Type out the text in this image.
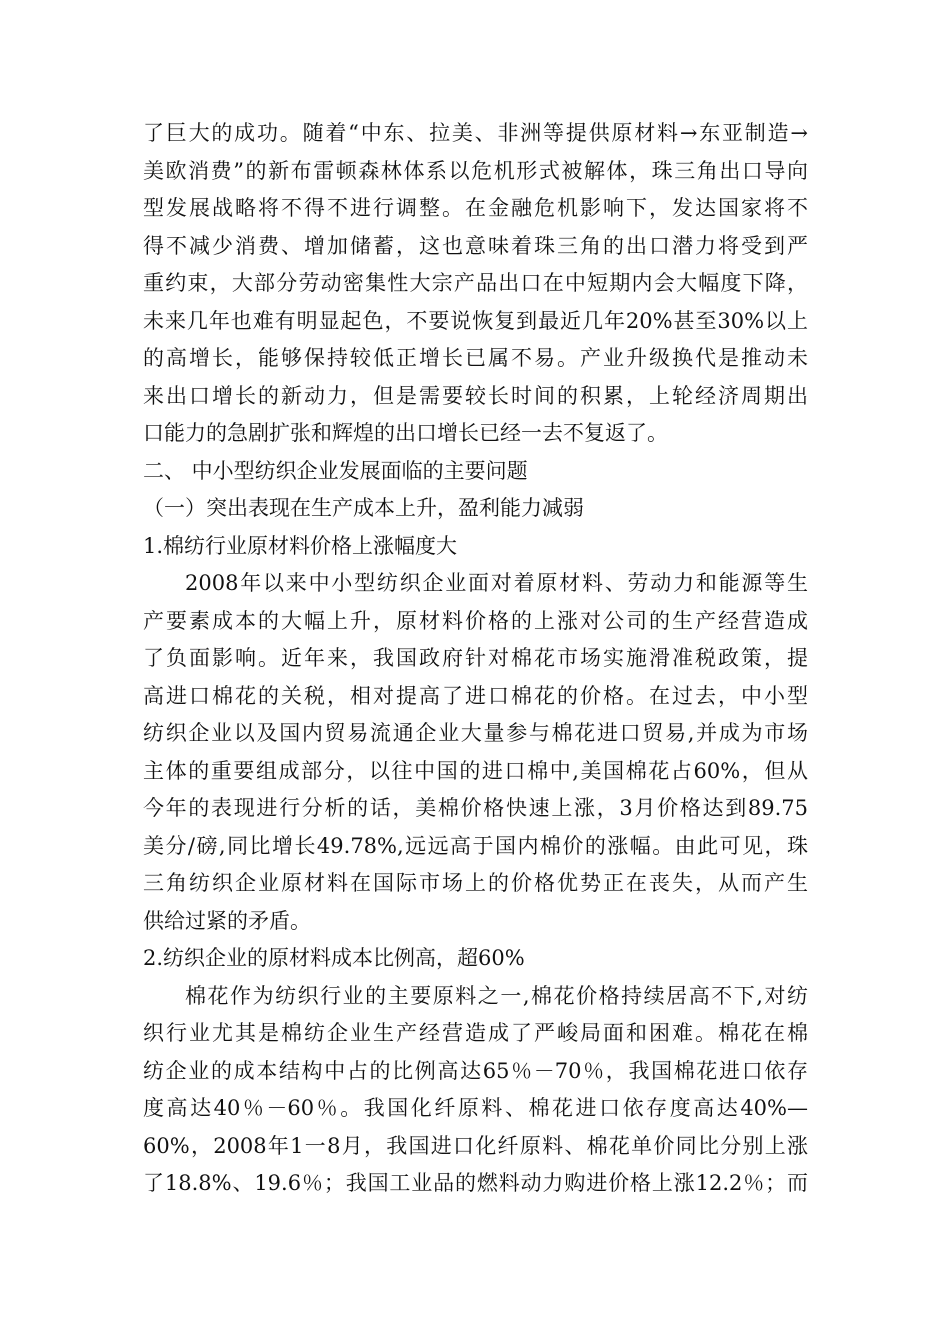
了巨大的成功。随着“中东、拉美、非洲等提供原材料→东亚制造→
美欧消费”的新布雷顿森林体系以危机形式被解体，珠三角出口导向
型发展战略将不得不进行调整。在金融危机影响下，发达国家将不
得不减少消费、增加储蓄，这也意味着珠三角的出口潜力将受到严
重约束，大部分劳动密集性大宗产品出口在中短期内会大幅度下降，
未来几年也难有明显起色，不要说恢复到最近几年20%甚至30%以上
的高增长，能够保持较低正增长已属不易。产业升级换代是推动未
来出口增长的新动力，但是需要较长时间的积累，上轮经济周期出
口能力的急剧扩张和辉煌的出口增长已经一去不复返了。
二、 中小型纺织企业发展面临的主要问题
（一）突出表现在生产成本上升，盈利能力减弱
1.棉纺行业原材料价格上涨幅度大
2008年以来中小型纺织企业面对着原材料、劳动力和能源等生
产要素成本的大幅上升，原材料价格的上涨对公司的生产经营造成
了负面影响。近年来，我国政府针对棉花市场实施滑准税政策，提
高进口棉花的关税，相对提高了进口棉花的价格。在过去，中小型
纺织企业以及国内贸易流通企业大量参与棉花进口贸易,并成为市场
主体的重要组成部分，以往中国的进口棉中,美国棉花占60%，但从
今年的表现进行分析的话，美棉价格快速上涨，3月价格达到89.75
美分/磅,同比增长49.78%,远远高于国内棉价的涨幅。由此可见，珠
三角纺织企业原材料在国际市场上的价格优势正在丧失，从而产生
供给过紧的矛盾。
2.纺织企业的原材料成本比例高，超60%
棉花作为纺织行业的主要原料之一,棉花价格持续居高不下,对纺
织行业尤其是棉纺企业生产经营造成了严峻局面和困难。棉花在棉
纺企业的成本结构中占的比例高达65％－70％，我国棉花进口依存
度高达40％－60％。我国化纤原料、棉花进口依存度高达40%—
60%，2008年1一8月，我国进口化纤原料、棉花单价同比分别上涨
了18.8%、19.6％；我国工业品的燃料动力购进价格上涨12.2％；而
